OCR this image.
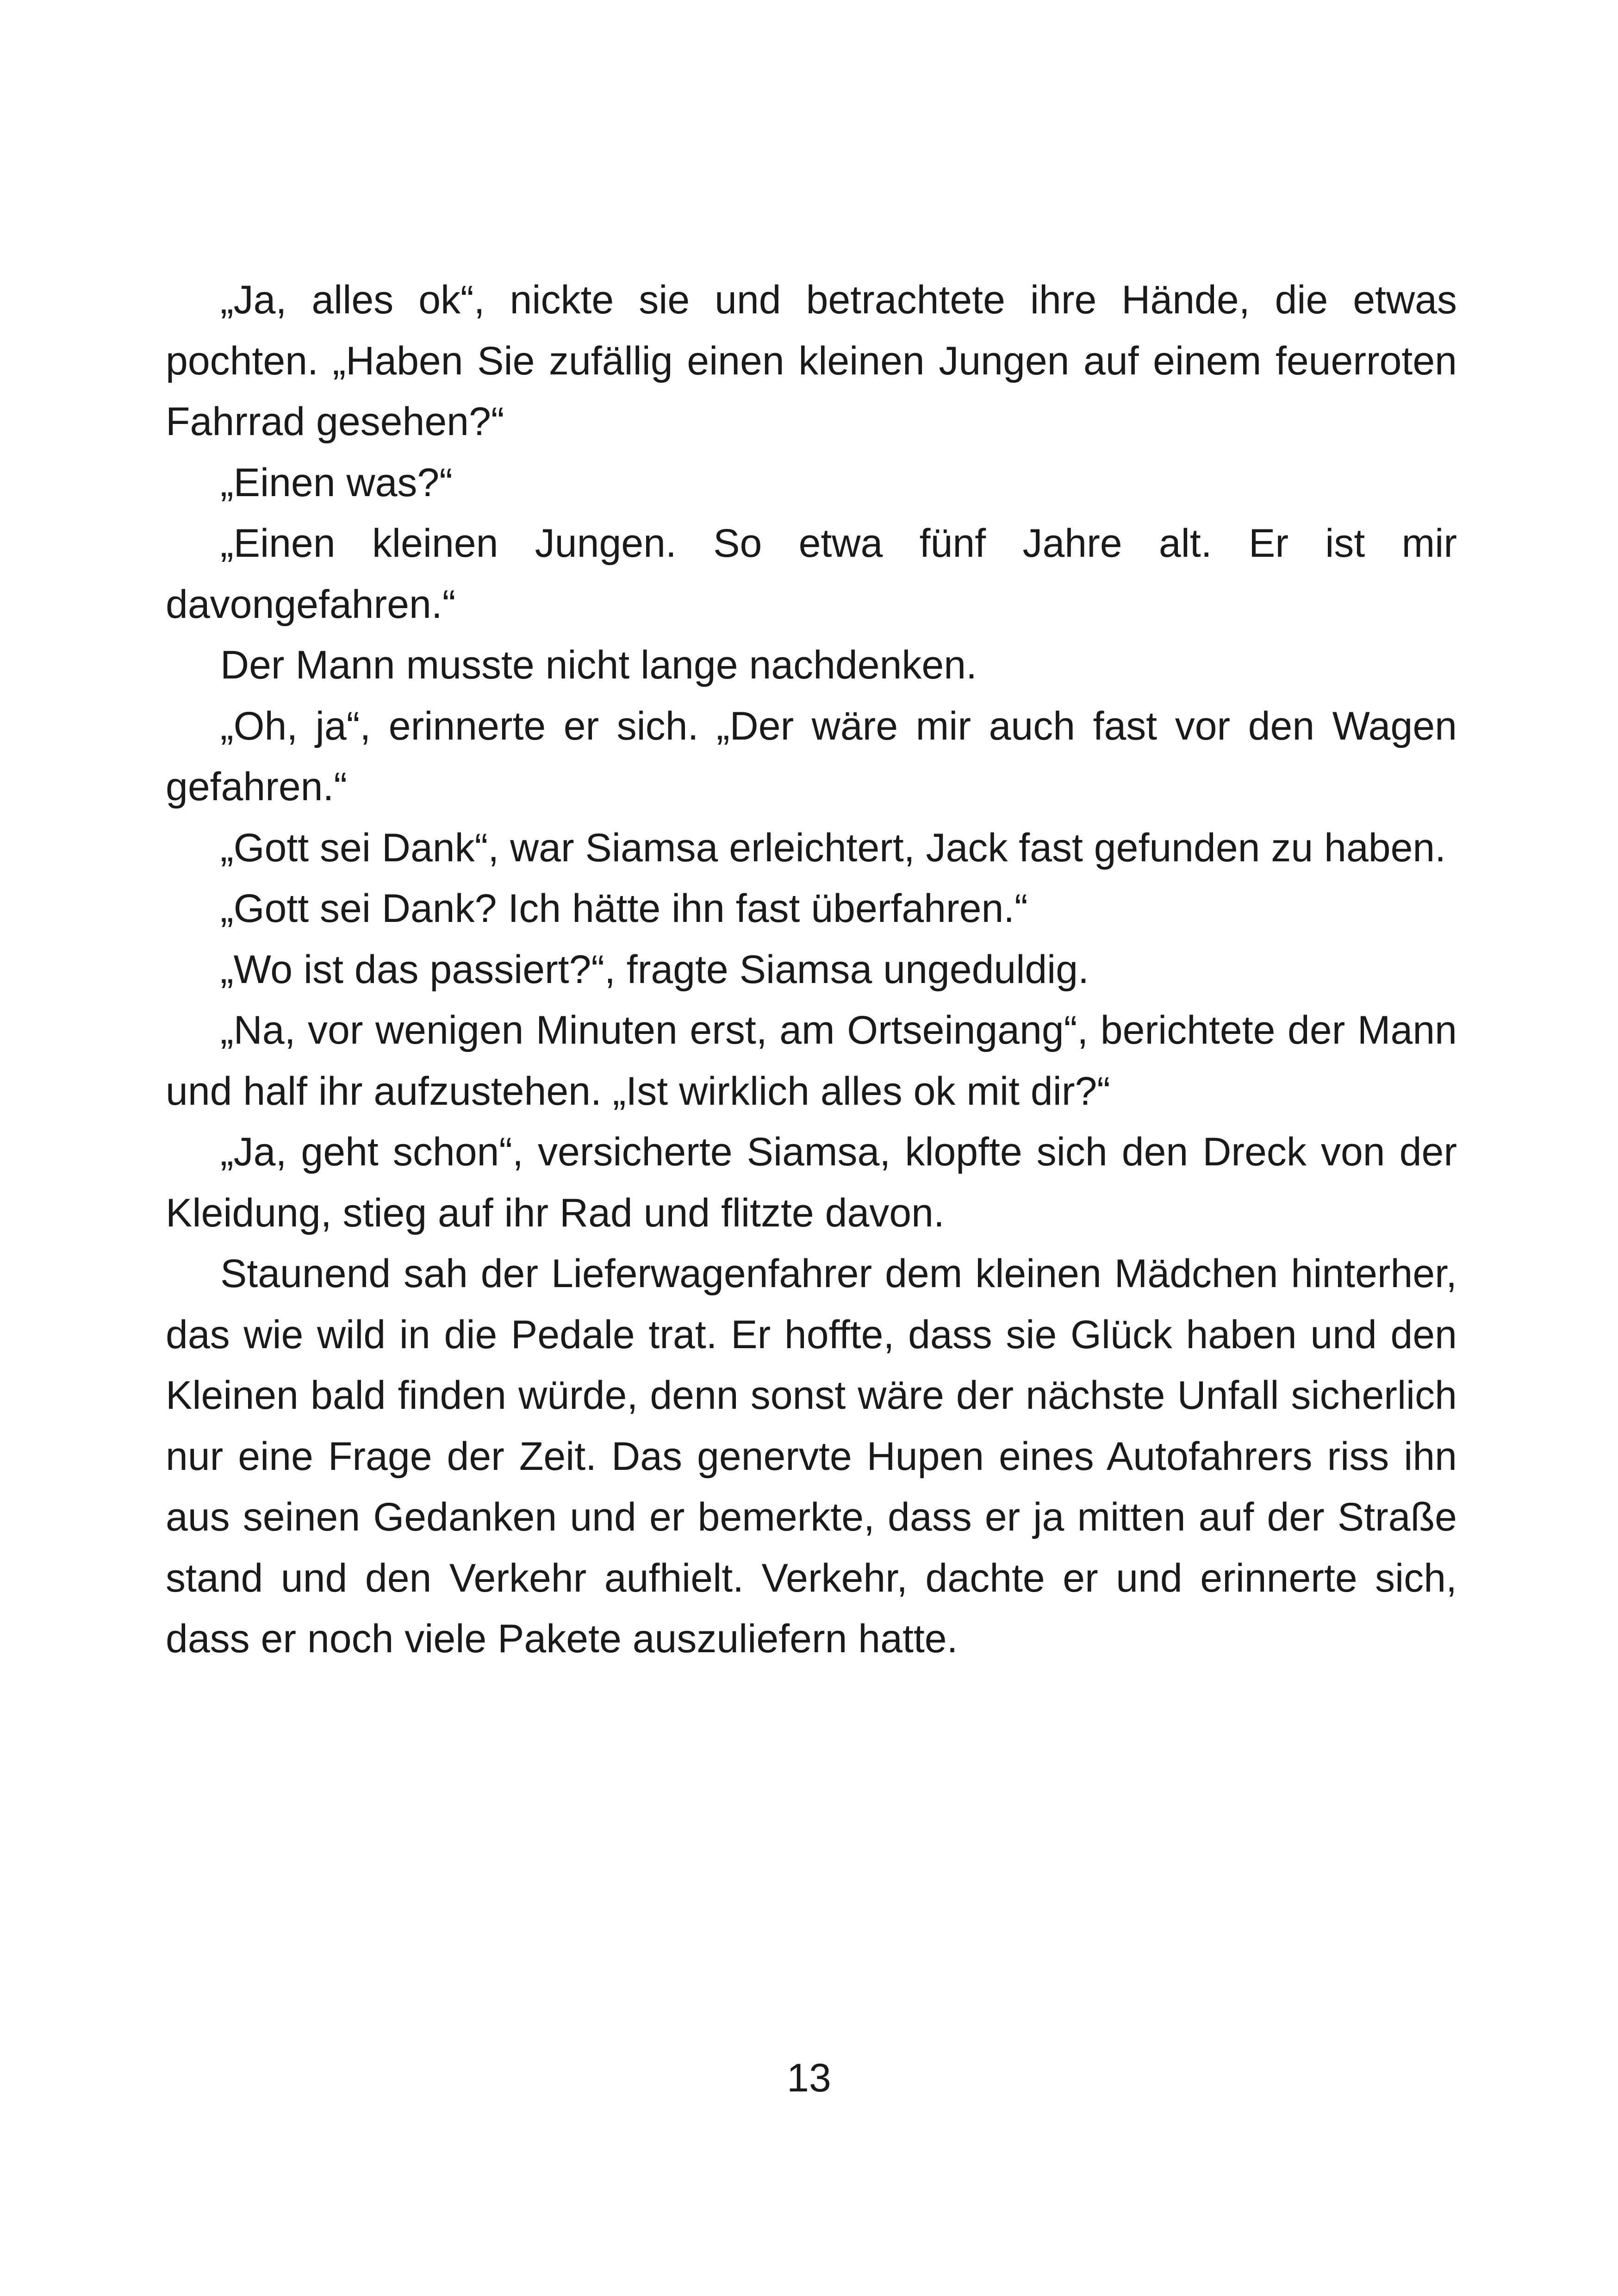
„Ja, alles ok“, nickte sie und betrachtete ihre Hände, die etwas pochten. „Haben Sie zufällig einen kleinen Jungen auf einem feuerroten Fahrrad gesehen?“

„Einen was?“

„Einen kleinen Jungen. So etwa fünf Jahre alt. Er ist mir davongefahren.“

Der Mann musste nicht lange nachdenken.

„Oh, ja“, erinnerte er sich. „Der wäre mir auch fast vor den Wagen gefahren.“

„Gott sei Dank“, war Siamsa erleichtert, Jack fast gefunden zu haben.

„Gott sei Dank? Ich hätte ihn fast überfahren.“

„Wo ist das passiert?“, fragte Siamsa ungeduldig.

„Na, vor wenigen Minuten erst, am Ortseingang“, berichtete der Mann und half ihr aufzustehen. „Ist wirklich alles ok mit dir?“

„Ja, geht schon“, versicherte Siamsa, klopfte sich den Dreck von der Kleidung, stieg auf ihr Rad und flitzte davon.

Staunend sah der Lieferwagenfahrer dem kleinen Mädchen hinterher, das wie wild in die Pedale trat. Er hoffte, dass sie Glück haben und den Kleinen bald finden würde, denn sonst wäre der nächste Unfall sicherlich nur eine Frage der Zeit. Das genervte Hupen eines Autofahrers riss ihn aus seinen Gedanken und er bemerkte, dass er ja mitten auf der Straße stand und den Verkehr aufhielt. Verkehr, dachte er und erinnerte sich, dass er noch viele Pakete auszuliefern hatte.

13
